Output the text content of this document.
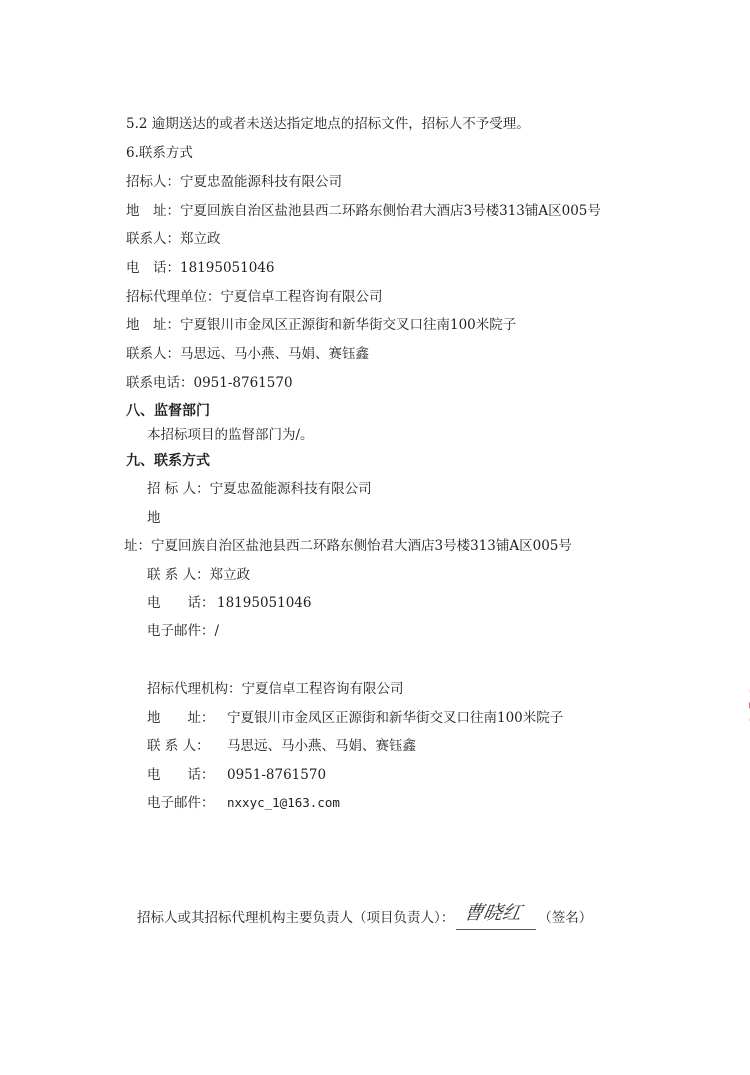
5.2 逾期送达的或者未送达指定地点的招标文件，招标人不予受理。
6.联系方式
招标人：宁夏忠盈能源科技有限公司
地　址：宁夏回族自治区盐池县西二环路东侧怡君大酒店3号楼313铺A区005号
联系人：郑立政
电　话：18195051046
招标代理单位：宁夏信卓工程咨询有限公司
地　址：宁夏银川市金凤区正源街和新华街交叉口往南100米院子
联系人：马思远、马小燕、马娟、赛钰鑫
联系电话：0951-8761570
八、监督部门
本招标项目的监督部门为/。
九、联系方式
招 标 人：宁夏忠盈能源科技有限公司
地
址：宁夏回族自治区盐池县西二环路东侧怡君大酒店3号楼313铺A区005号
联 系 人：郑立政
电　　话： 18195051046
电子邮件：/
招标代理机构：宁夏信卓工程咨询有限公司
地　　址： 宁夏银川市金凤区正源街和新华街交叉口往南100米院子
联 系 人： 马思远、马小燕、马娟、赛钰鑫
电　　话： 0951-8761570
电子邮件： nxxyc_1@163.com
招标人或其招标代理机构主要负责人（项目负责人）： 曹晓红 （签名）
